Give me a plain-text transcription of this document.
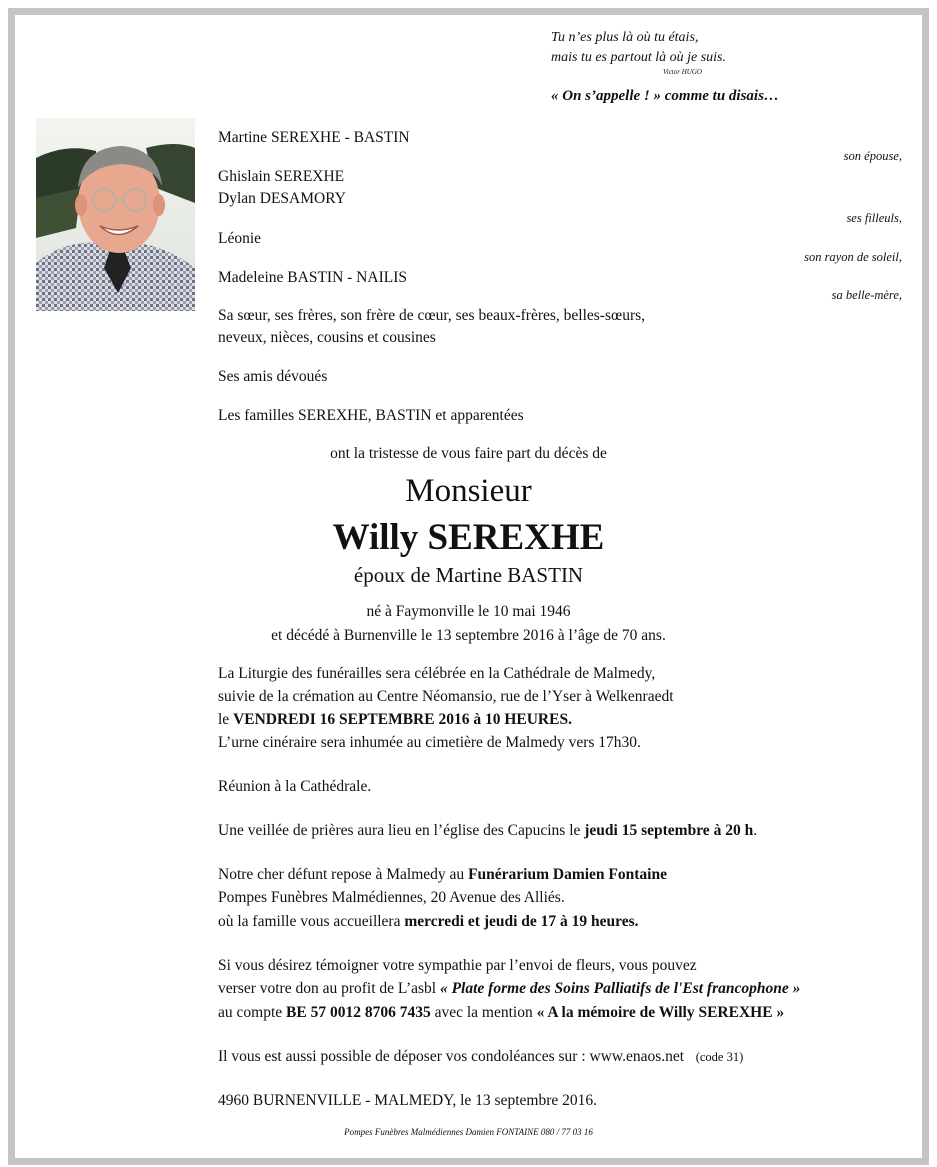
Tu n’es plus là où tu étais,
mais tu es partout là où je suis.
Victor HUGO
« On s’appelle ! » comme tu disais…
Martine SEREXHE - BASTIN
son épouse,
Ghislain SEREXHE
Dylan DESAMORY
ses filleuls,
Léonie
son rayon de soleil,
Madeleine BASTIN - NAILIS
sa belle-mère,
Sa sœur, ses frères, son frère de cœur, ses beaux-frères, belles-sœurs,
neveux, nièces, cousins et cousines
Ses amis dévoués
Les familles SEREXHE, BASTIN et apparentées
ont la tristesse de vous faire part du décès de
Monsieur
Willy SEREXHE
époux de Martine BASTIN
né à Faymonville le 10 mai 1946
et décédé à Burnenville le 13 septembre 2016 à l’âge de 70 ans.
La Liturgie des funérailles sera célébrée en la Cathédrale de Malmedy,
suivie de la crémation au Centre Néomansio, rue de l’Yser à Welkenraedt
le VENDREDI 16 SEPTEMBRE 2016 à 10 HEURES.
L’urne cinéraire sera inhumée au cimetière de Malmedy vers 17h30.
Réunion à la Cathédrale.
Une veillée de prières aura lieu en l’église des Capucins le jeudi 15 septembre à 20 h.
Notre cher défunt repose à Malmedy au Funérarium Damien Fontaine
Pompes Funèbres Malmédiennes, 20 Avenue des Alliés.
où la famille vous accueillera mercredi et jeudi de 17 à 19 heures.
Si vous désirez témoigner votre sympathie par l’envoi de fleurs, vous pouvez
verser votre don au profit de L’asbl « Plate forme des Soins Palliatifs de l'Est francophone »
au compte BE 57 0012 8706 7435 avec la mention « A la mémoire de Willy SEREXHE »
Il vous est aussi possible de déposer vos condoléances sur : www.enaos.net (code 31)
4960 BURNENVILLE - MALMEDY, le 13 septembre 2016.
Pompes Funèbres Malmédiennes Damien FONTAINE 080 / 77 03 16
